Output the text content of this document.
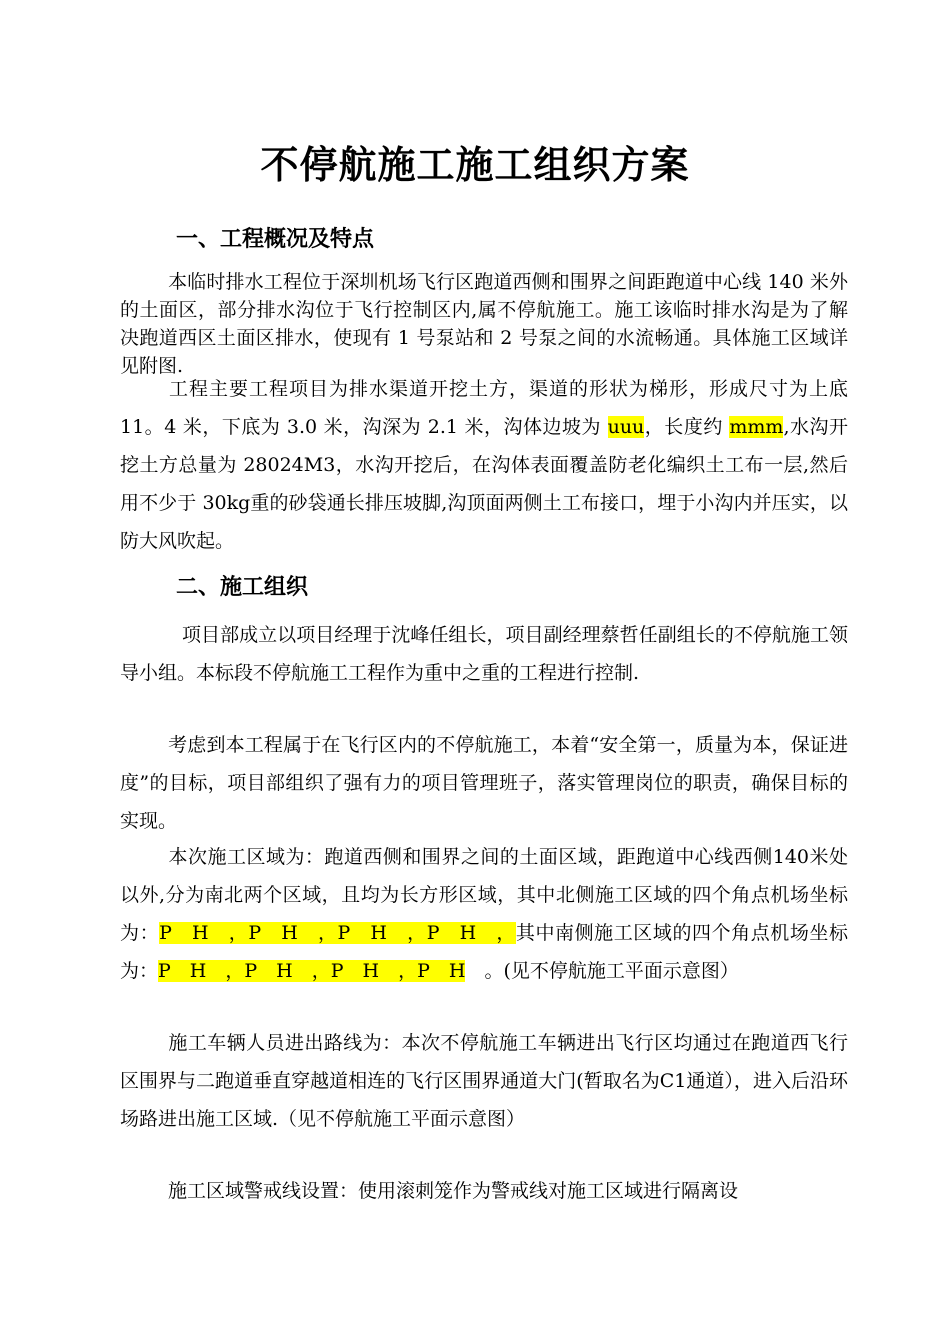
不停航施工施工组织方案
一、工程概况及特点
本临时排水工程位于深圳机场飞行区跑道西侧和围界之间距跑道中心线 140 米外的土面区，部分排水沟位于飞行控制区内,属不停航施工。施工该临时排水沟是为了解决跑道西区土面区排水，使现有 1 号泵站和 2 号泵之间的水流畅通。具体施工区域详见附图.
工程主要工程项目为排水渠道开挖土方，渠道的形状为梯形，形成尺寸为上底 11。4 米，下底为 3.0 米，沟深为 2.1 米，沟体边坡为 uuu，长度约 mmm,水沟开挖土方总量为 28024M3，水沟开挖后，在沟体表面覆盖防老化编织土工布一层,然后用不少于 30kg重的砂袋通长排压坡脚,沟顶面两侧土工布接口，埋于小沟内并压实，以防大风吹起。
二、施工组织
项目部成立以项目经理于沈峰任组长，项目副经理蔡哲任副组长的不停航施工领导小组。本标段不停航施工工程作为重中之重的工程进行控制.
考虑到本工程属于在飞行区内的不停航施工，本着“安全第一，质量为本，保证进度”的目标，项目部组织了强有力的项目管理班子，落实管理岗位的职责，确保目标的实现。
本次施工区域为：跑道西侧和围界之间的土面区域，距跑道中心线西侧140米处以外,分为南北两个区域，且均为长方形区域，其中北侧施工区域的四个角点机场坐标为：P　H　，P　H　，P　H　，P　H　，其中南侧施工区域的四个角点机场坐标为：P　H　，P　H　，P　H　，P　H　。(见不停航施工平面示意图）
施工车辆人员进出路线为：本次不停航施工车辆进出飞行区均通过在跑道西飞行区围界与二跑道垂直穿越道相连的飞行区围界通道大门(暂取名为C1通道），进入后沿环场路进出施工区域.（见不停航施工平面示意图）
施工区域警戒线设置：使用滚刺笼作为警戒线对施工区域进行隔离设
